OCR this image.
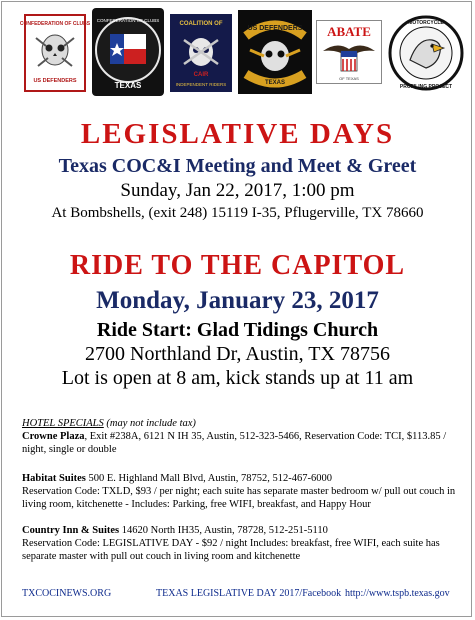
CONFEDERATION OF CLUBS
US DEFENDERS	TEXAS
CONFEDERATION OF CLUBS
COALITION OF
CAIR
INDEPENDENT RIDERS
US DEFENDERS
TEXAS
ABATE
OF TEXAS
MOTORCYCLE
PROFILING PROJECT
LEGISLATIVE DAYS
Texas COC&I Meeting and Meet & Greet
Sunday, Jan 22, 2017, 1:00 pm
At Bombshells, (exit 248) 15119 I-35, Pflugerville, TX 78660
RIDE TO THE CAPITOL
Monday, January 23, 2017
Ride Start: Glad Tidings Church
2700 Northland Dr, Austin, TX 78756
Lot is open at 8 am, kick stands up at 11 am
HOTEL SPECIALS (may not include tax)
Crowne Plaza, Exit #238A, 6121 N IH 35, Austin, 512-323-5466, Reservation Code: TCI, $113.85 / night, single or double
Habitat Suites 500 E. Highland Mall Blvd, Austin, 78752, 512-467-6000
Reservation Code: TXLD, $93 / per night; each suite has separate master bedroom w/ pull out couch in living room, kitchenette - Includes: Parking, free WIFI, breakfast, and Happy Hour
Country Inn & Suites 14620 North IH35, Austin, 78728, 512-251-5110
Reservation Code: LEGISLATIVE DAY - $92 / night Includes: breakfast, free WIFI, each suite has separate master with pull out couch in living room and kitchenette
TXCOCINEWS.ORG	TEXAS LEGISLATIVE DAY 2017/Facebook http://www.tspb.texas.gov
